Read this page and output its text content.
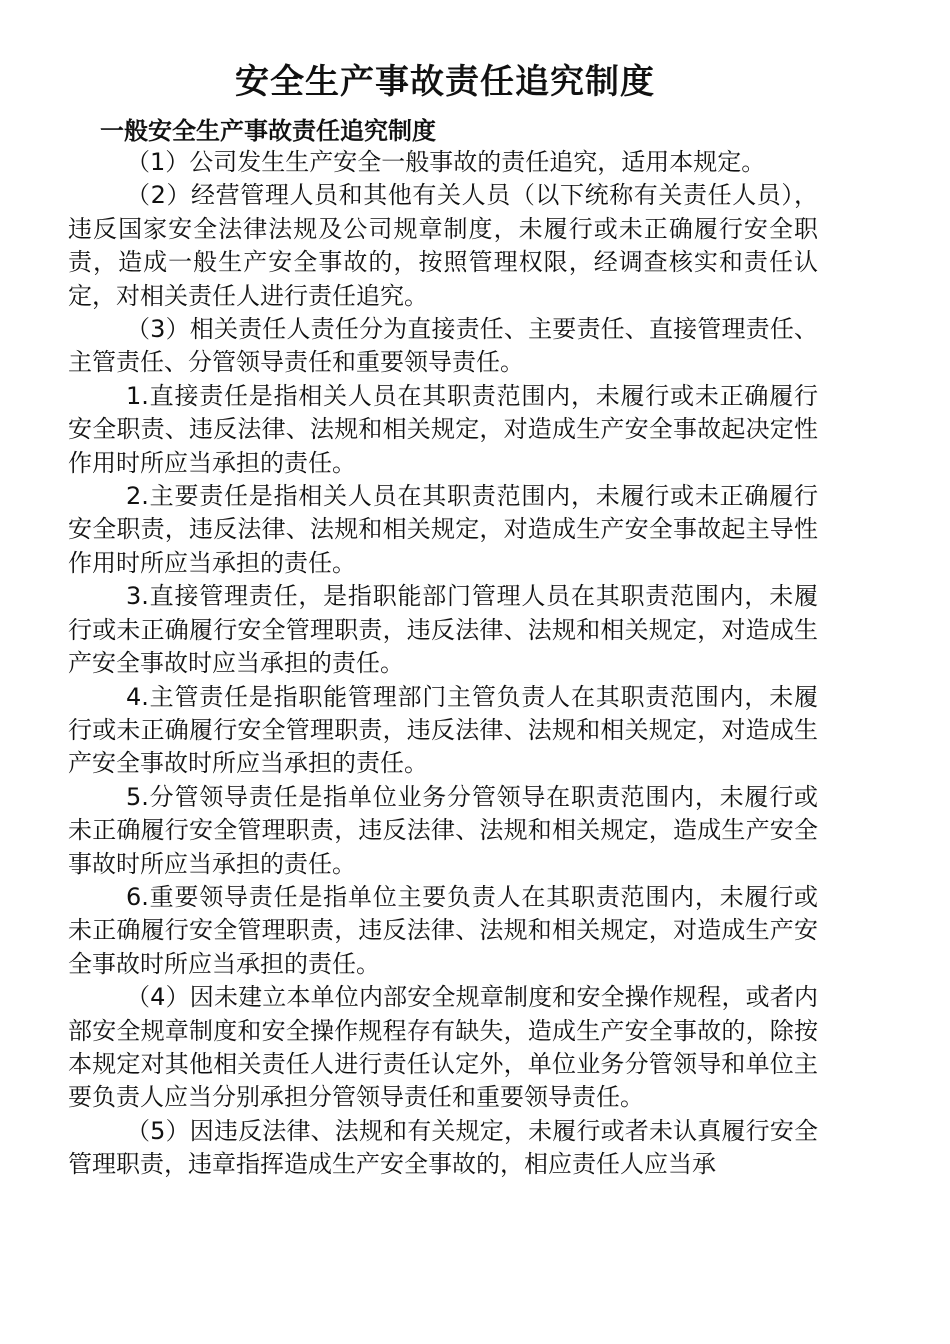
安全生产事故责任追究制度
一般安全生产事故责任追究制度

（1）公司发生生产安全一般事故的责任追究，适用本规定。

（2）经营管理人员和其他有关人员（以下统称有关责任人员），违反国家安全法律法规及公司规章制度，未履行或未正确履行安全职责，造成一般生产安全事故的，按照管理权限，经调查核实和责任认定，对相关责任人进行责任追究。

（3）相关责任人责任分为直接责任、主要责任、直接管理责任、主管责任、分管领导责任和重要领导责任。

1.直接责任是指相关人员在其职责范围内，未履行或未正确履行安全职责、违反法律、法规和相关规定，对造成生产安全事故起决定性作用时所应当承担的责任。

2.主要责任是指相关人员在其职责范围内，未履行或未正确履行安全职责，违反法律、法规和相关规定，对造成生产安全事故起主导性作用时所应当承担的责任。

3.直接管理责任，是指职能部门管理人员在其职责范围内，未履行或未正确履行安全管理职责，违反法律、法规和相关规定，对造成生产安全事故时应当承担的责任。

4.主管责任是指职能管理部门主管负责人在其职责范围内，未履行或未正确履行安全管理职责，违反法律、法规和相关规定，对造成生产安全事故时所应当承担的责任。

5.分管领导责任是指单位业务分管领导在职责范围内，未履行或未正确履行安全管理职责，违反法律、法规和相关规定，造成生产安全事故时所应当承担的责任。

6.重要领导责任是指单位主要负责人在其职责范围内，未履行或未正确履行安全管理职责，违反法律、法规和相关规定，对造成生产安全事故时所应当承担的责任。

（4）因未建立本单位内部安全规章制度和安全操作规程，或者内部安全规章制度和安全操作规程存有缺失，造成生产安全事故的，除按本规定对其他相关责任人进行责任认定外，单位业务分管领导和单位主要负责人应当分别承担分管领导责任和重要领导责任。

（5）因违反法律、法规和有关规定，未履行或者未认真履行安全管理职责，违章指挥造成生产安全事故的，相应责任人应当承
